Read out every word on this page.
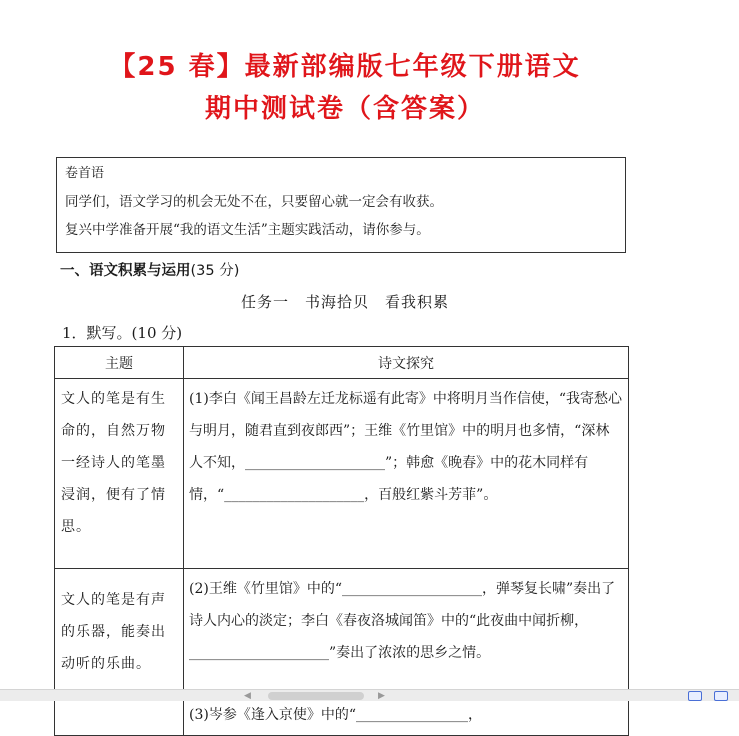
【25 春】最新部编版七年级下册语文
期中测试卷（含答案）
卷首语
同学们，语文学习的机会无处不在，只要留心就一定会有收获。
复兴中学准备开展“我的语文生活”主题实践活动，请你参与。
一、语文积累与运用(35 分)
任务一　书海拾贝　看我积累
1．默写。(10 分)
主题	诗文探究
文人的笔是有生命的，自然万物一经诗人的笔墨浸润，便有了情思。	(1)李白《闻王昌龄左迁龙标遥有此寄》中将明月当作信使，“我寄愁心与明月，随君直到夜郎西”；王维《竹里馆》中的明月也多情，“深林人不知，____________________”；韩愈《晚春》中的花木同样有情，“____________________，百般红紫斗芳菲”。
文人的笔是有声的乐器，能奏出动听的乐曲。	(2)王维《竹里馆》中的“____________________，弹琴复长啸”奏出了诗人内心的淡定；李白《春夜洛城闻笛》中的“此夜曲中闻折柳，____________________”奏出了浓浓的思乡之情。
	(3)岑参《逢入京使》中的“________________，
◀	▶
